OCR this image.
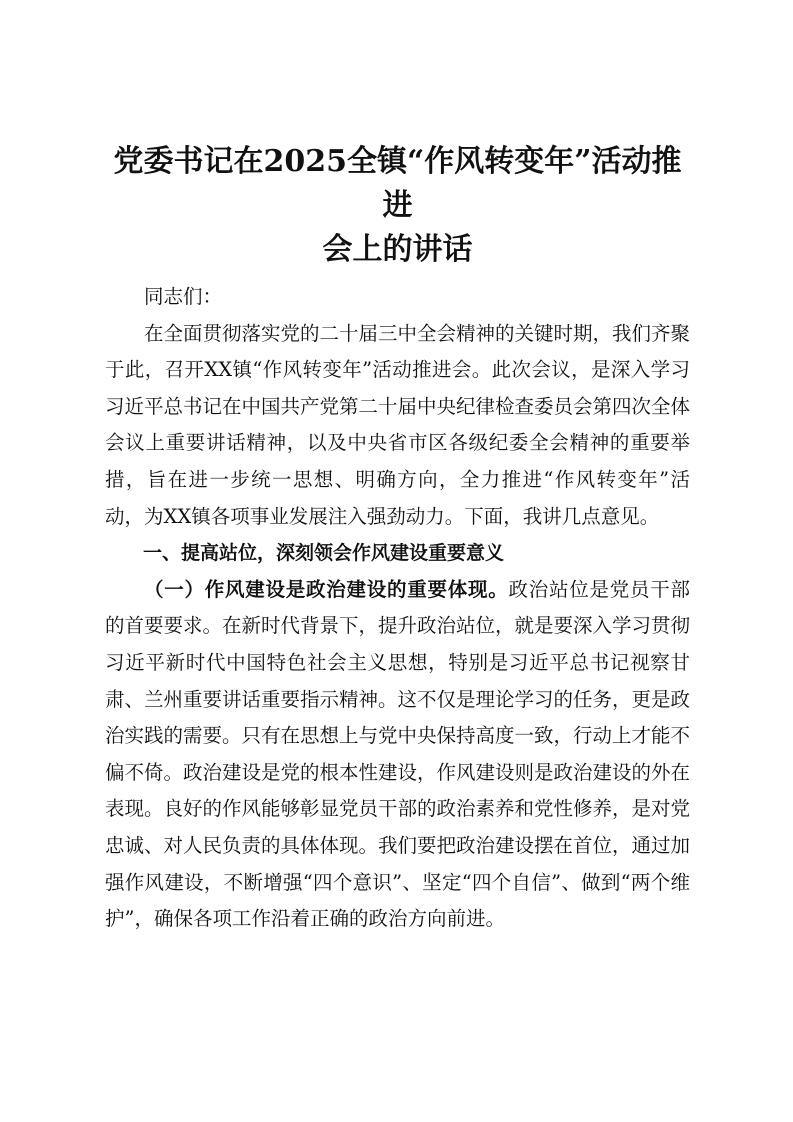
党委书记在2025全镇“作风转变年”活动推进
会上的讲话

同志们：

在全面贯彻落实党的二十届三中全会精神的关键时期，我们齐聚于此，召开XX镇“作风转变年”活动推进会。此次会议，是深入学习习近平总书记在中国共产党第二十届中央纪律检查委员会第四次全体会议上重要讲话精神，以及中央省市区各级纪委全会精神的重要举措，旨在进一步统一思想、明确方向，全力推进“作风转变年”活动，为XX镇各项事业发展注入强劲动力。下面，我讲几点意见。

一、提高站位，深刻领会作风建设重要意义

（一）作风建设是政治建设的重要体现。政治站位是党员干部的首要要求。在新时代背景下，提升政治站位，就是要深入学习贯彻习近平新时代中国特色社会主义思想，特别是习近平总书记视察甘肃、兰州重要讲话重要指示精神。这不仅是理论学习的任务，更是政治实践的需要。只有在思想上与党中央保持高度一致，行动上才能不偏不倚。政治建设是党的根本性建设，作风建设则是政治建设的外在表现。良好的作风能够彰显党员干部的政治素养和党性修养，是对党忠诚、对人民负责的具体体现。我们要把政治建设摆在首位，通过加强作风建设，不断增强“四个意识”、坚定“四个自信”、做到“两个维护”，确保各项工作沿着正确的政治方向前进。
